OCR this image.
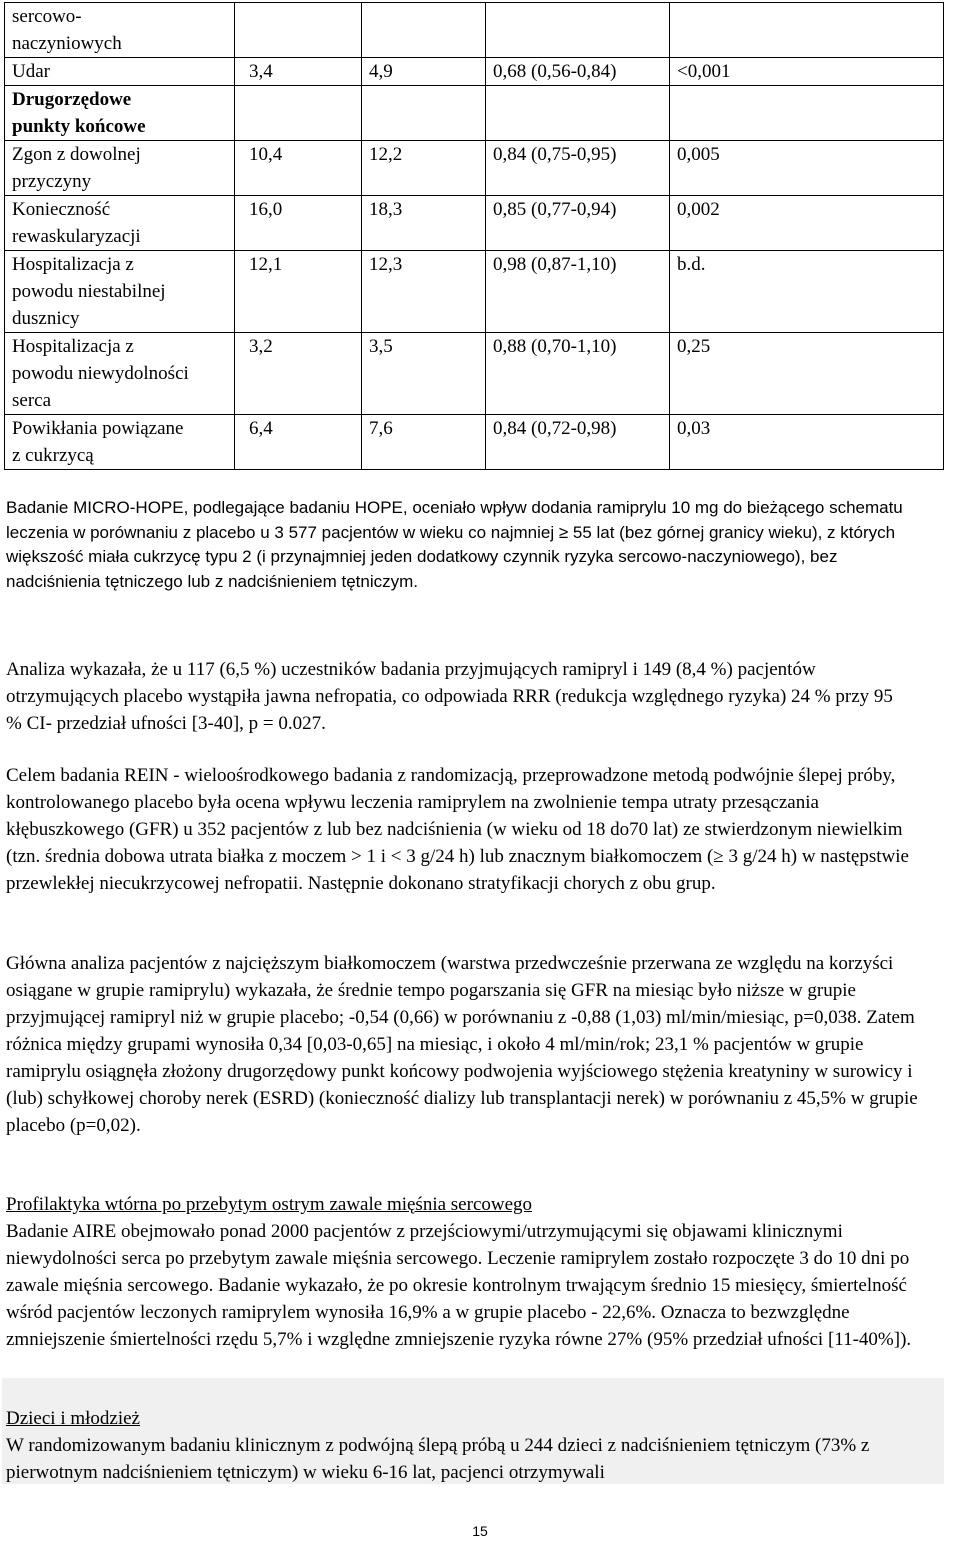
sercowo-
naczyniowych				
Udar	3,4	4,9	0,68 (0,56-0,84)	<0,001
Drugorzędowe
punkty końcowe				
Zgon z dowolnej
przyczyny	10,4	12,2	0,84 (0,75-0,95)	0,005
Konieczność
rewaskularyzacji	16,0	18,3	0,85 (0,77-0,94)	0,002
Hospitalizacja z
powodu niestabilnej
dusznicy	12,1	12,3	0,98 (0,87-1,10)	b.d.
Hospitalizacja z
powodu niewydolności
serca	3,2	3,5	0,88 (0,70-1,10)	0,25
Powikłania powiązane
z cukrzycą	6,4	7,6	0,84 (0,72-0,98)	0,03

Badanie MICRO-HOPE, podlegające badaniu HOPE, oceniało wpływ dodania ramiprylu 10 mg do bieżącego schematu leczenia w porównaniu z placebo u 3 577 pacjentów w wieku co najmniej ≥ 55 lat (bez górnej granicy wieku), z których większość miała cukrzycę typu 2 (i przynajmniej jeden dodatkowy czynnik ryzyka sercowo-naczyniowego), bez nadciśnienia tętniczego lub z nadciśnieniem tętniczym.

Analiza wykazała, że u 117 (6,5 %) uczestników badania przyjmujących ramipryl i 149 (8,4 %) pacjentów otrzymujących placebo wystąpiła jawna nefropatia, co odpowiada RRR (redukcja względnego ryzyka) 24 % przy 95 % CI- przedział ufności [3-40], p = 0.027.

Celem badania REIN - wieloośrodkowego badania z randomizacją, przeprowadzone metodą podwójnie ślepej próby, kontrolowanego placebo była ocena wpływu leczenia ramiprylem na zwolnienie tempa utraty przesączania kłębuszkowego (GFR) u 352 pacjentów z lub bez nadciśnienia (w wieku od 18 do70 lat) ze stwierdzonym niewielkim (tzn. średnia dobowa utrata białka z moczem > 1 i < 3 g/24 h) lub znacznym białkomoczem (≥ 3 g/24 h) w następstwie przewlekłej niecukrzycowej nefropatii. Następnie dokonano stratyfikacji chorych z obu grup.

Główna analiza pacjentów z najcięższym białkomoczem (warstwa przedwcześnie przerwana ze względu na korzyści osiągane w grupie ramiprylu) wykazała, że średnie tempo pogarszania się GFR na miesiąc było niższe w grupie przyjmującej ramipryl niż w grupie placebo; -0,54 (0,66) w porównaniu z -0,88 (1,03) ml/min/miesiąc, p=0,038. Zatem różnica między grupami wynosiła 0,34 [0,03-0,65] na miesiąc, i około 4 ml/min/rok; 23,1 % pacjentów w grupie ramiprylu osiągnęła złożony drugorzędowy punkt końcowy podwojenia wyjściowego stężenia kreatyniny w surowicy i (lub) schyłkowej choroby nerek (ESRD) (konieczność dializy lub transplantacji nerek) w porównaniu z 45,5% w grupie placebo (p=0,02).

Profilaktyka wtórna po przebytym ostrym zawale mięśnia sercowego

Badanie AIRE obejmowało ponad 2000 pacjentów z przejściowymi/utrzymującymi się objawami klinicznymi niewydolności serca po przebytym zawale mięśnia sercowego. Leczenie ramiprylem zostało rozpoczęte 3 do 10 dni po zawale mięśnia sercowego. Badanie wykazało, że po okresie kontrolnym trwającym średnio 15 miesięcy, śmiertelność wśród pacjentów leczonych ramiprylem wynosiła 16,9% a w grupie placebo - 22,6%. Oznacza to bezwzględne zmniejszenie śmiertelności rzędu 5,7% i względne zmniejszenie ryzyka równe 27% (95% przedział ufności [11-40%]).

Dzieci i młodzież

W randomizowanym badaniu klinicznym z podwójną ślepą próbą u 244 dzieci z nadciśnieniem tętniczym (73% z pierwotnym nadciśnieniem tętniczym) w wieku 6-16 lat, pacjenci otrzymywali

15
